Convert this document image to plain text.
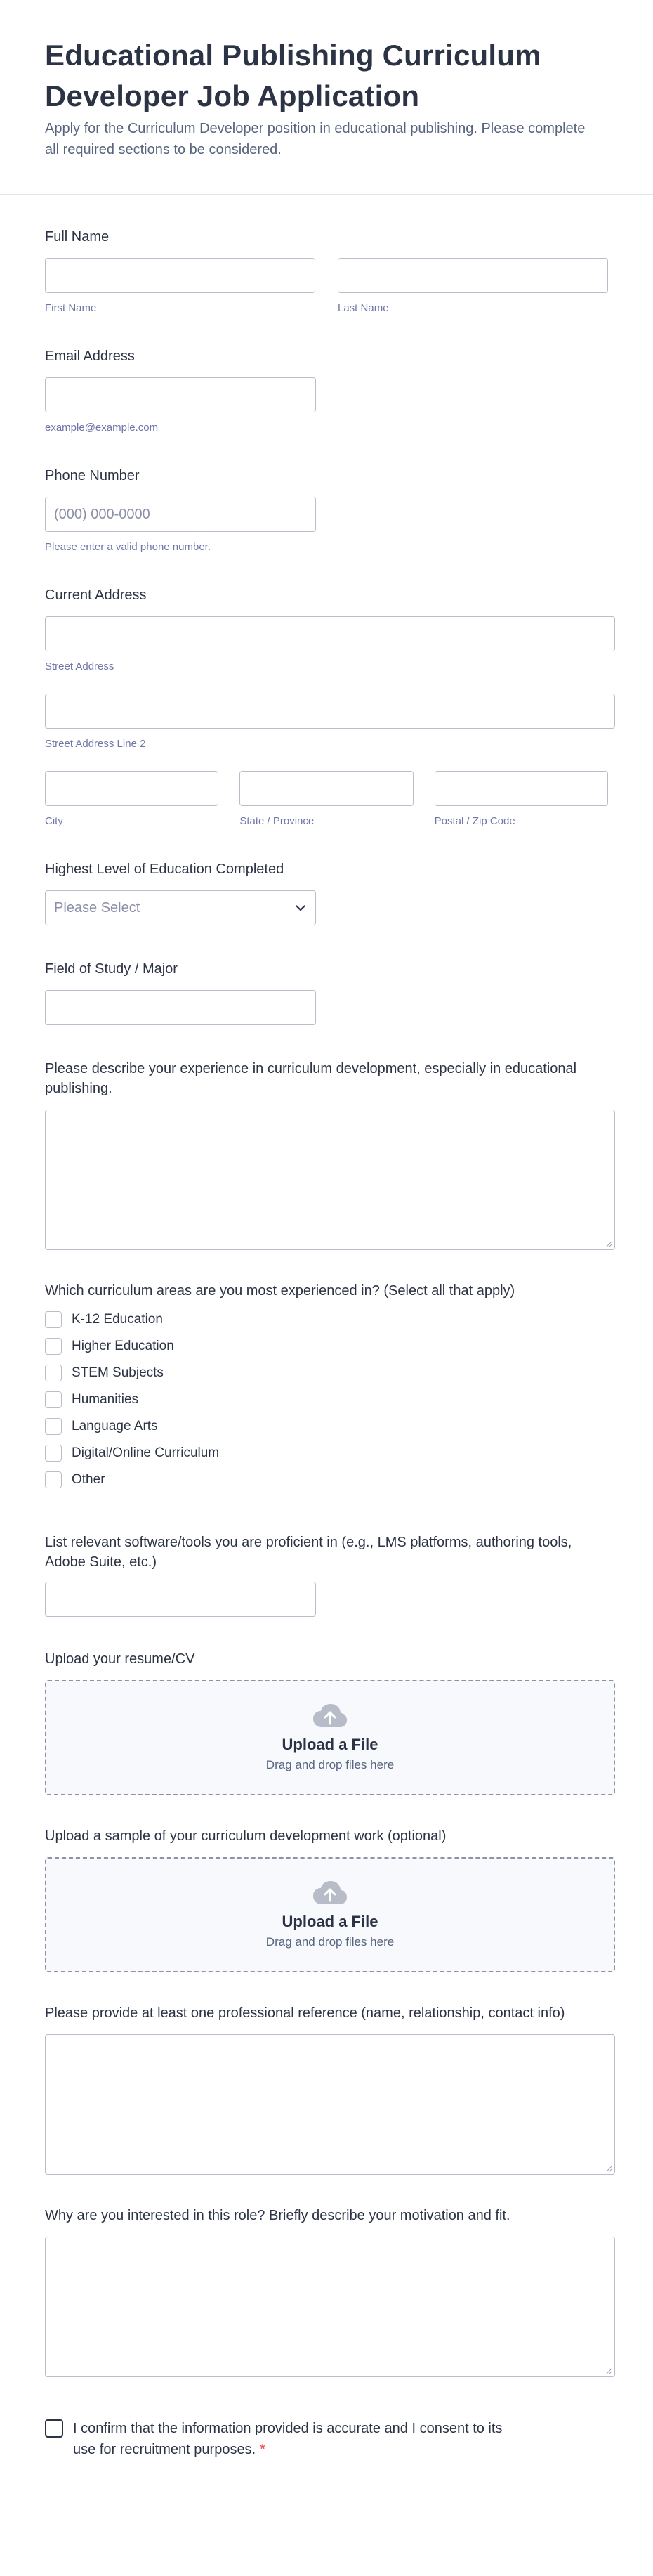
Educational Publishing Curriculum Developer Job Application

Apply for the Curriculum Developer position in educational publishing. Please complete all required sections to be considered.

Full Name
First Name	Last Name
Email Address
example@example.com
Phone Number
(000) 000-0000
Please enter a valid phone number.
Current Address
Street Address
Street Address Line 2
City	State / Province	Postal / Zip Code
Highest Level of Education Completed
Please Select
Field of Study / Major
Please describe your experience in curriculum development, especially in educational publishing.
Which curriculum areas are you most experienced in? (Select all that apply)
K-12 Education
Higher Education
STEM Subjects
Humanities
Language Arts
Digital/Online Curriculum
Other
List relevant software/tools you are proficient in (e.g., LMS platforms, authoring tools, Adobe Suite, etc.)
Upload your resume/CV
Upload a File
Drag and drop files here
Upload a sample of your curriculum development work (optional)
Upload a File
Drag and drop files here
Please provide at least one professional reference (name, relationship, contact info)
Why are you interested in this role? Briefly describe your motivation and fit.
I confirm that the information provided is accurate and I consent to its use for recruitment purposes. *
